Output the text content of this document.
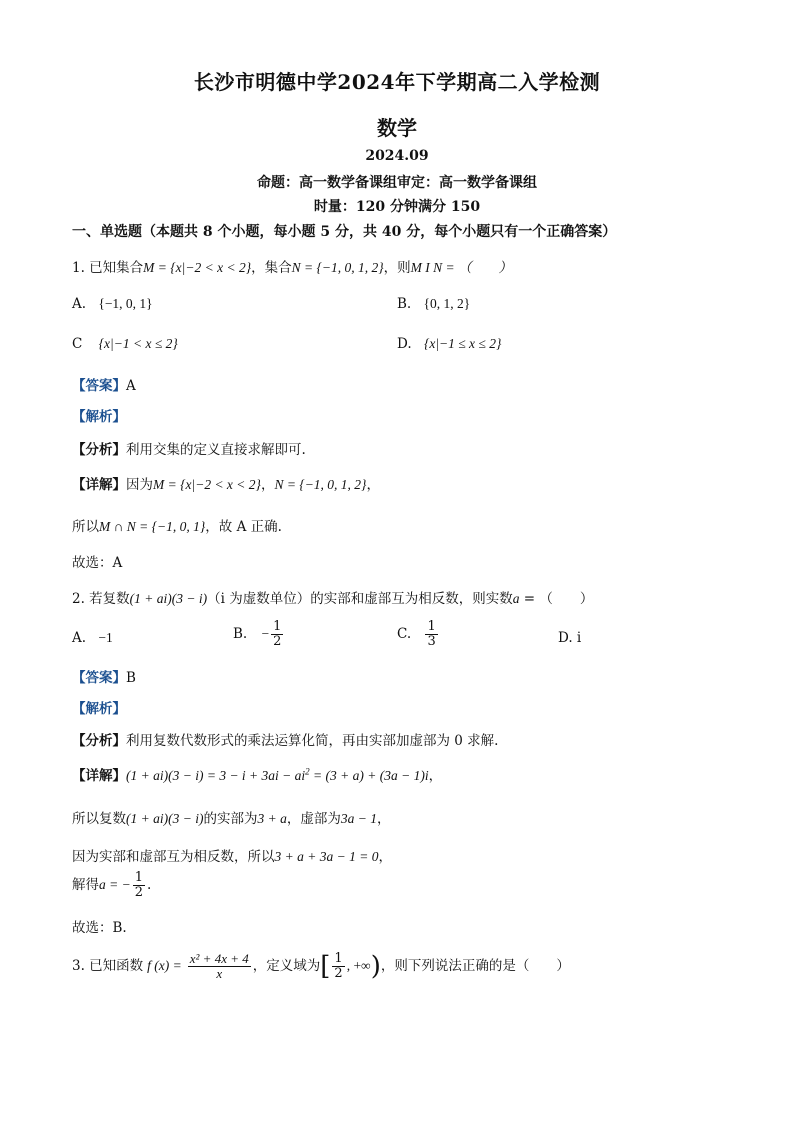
长沙市明德中学2024年下学期高二入学检测
数学
2024.09
命题：高一数学备课组审定：高一数学备课组
时量：120 分钟满分 150
一、单选题（本题共 8 个小题，每小题 5 分，共 40 分，每个小题只有一个正确答案）
1. 已知集合M = {x|−2 < x < 2}，集合N = {−1, 0, 1, 2}，则M I N = （　　）
A. {−1, 0, 1}	B. {0, 1, 2}
C {x|−1 < x ≤ 2}	D. {x|−1 ≤ x ≤ 2}
【答案】A
【解析】
【分析】利用交集的定义直接求解即可.
【详解】因为M = {x|−2 < x < 2}，N = {−1, 0, 1, 2}，
所以M ∩ N = {−1, 0, 1}，故 A 正确.
故选：A
2. 若复数(1 + ai)(3 − i)（i 为虚数单位）的实部和虚部互为相反数，则实数a = （　　）
A. −1	B. − $\frac{1}{2}$	C. $\frac{1}{3}$	D. i
【答案】B
【解析】
【分析】利用复数代数形式的乘法运算化简，再由实部加虚部为 0 求解.
【详解】$(1 + ai)(3 - i) = 3 - i + 3ai - ai^2 = (3 + a) + (3a - 1)i$，
所以复数(1 + ai)(3 − i)的实部为3 + a，虚部为3a − 1，
因为实部和虚部互为相反数，所以3 + a + 3a − 1 = 0，
解得a = − $\frac{1}{2}$ .
故选：B.
3. 已知函数 f $(x) = \frac{\text{x² + 4x + 4}}{x}$ ，定义域为[ $\frac{1}{2}$ , +∞)，则下列说法正确的是（　　）
